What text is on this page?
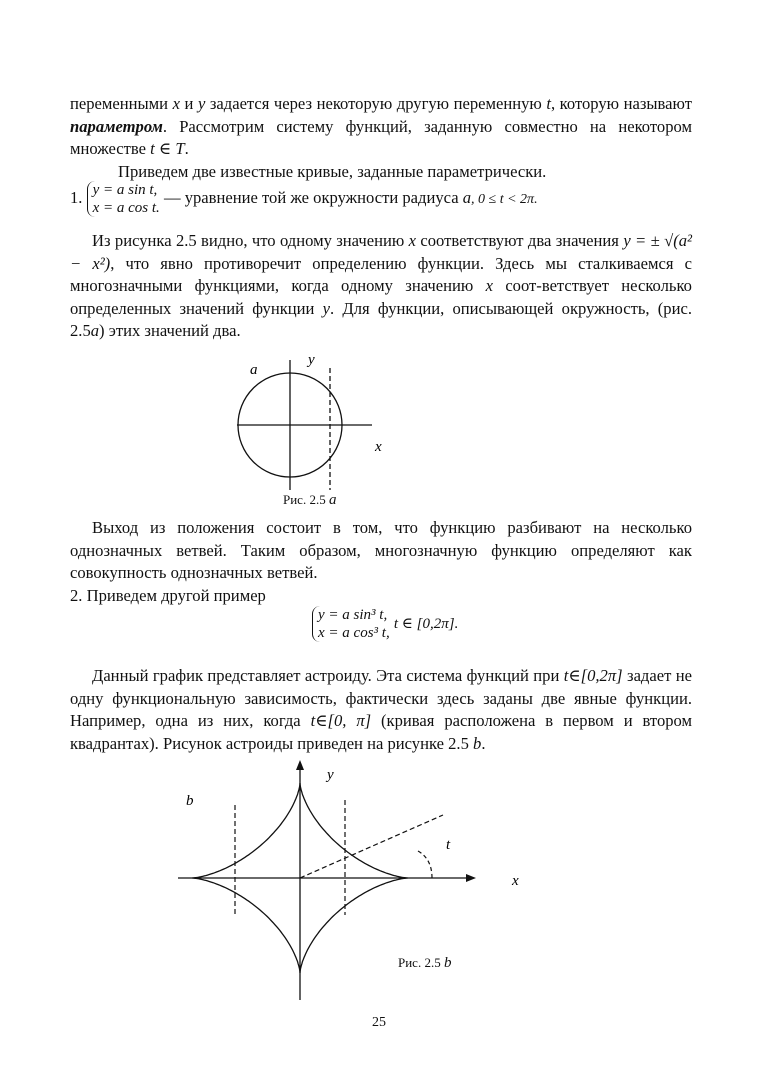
переменными x и y задается через некоторую другую переменную t, которую называют параметром. Рассмотрим систему функций, заданную совместно на некотором множестве t ∈ T.
Приведем две известные кривые, заданные параметрически.
1. y = a sin t,
x = a cos t. — уравнение той же окружности радиуса a, 0 ≤ t < 2π.
Из рисунка 2.5 видно, что одному значению x соответствуют два значения y = ± √(a² − x²), что явно противоречит определению функции. Здесь мы сталкиваемся с многозначными функциями, когда одному значению x соот-ветствует несколько определенных значений функции y. Для функции, описывающей окружность, (рис. 2.5a) этих значений два.
a
y
x
Рис. 2.5 a
Выход из положения состоит в том, что функцию разбивают на несколько однозначных ветвей. Таким образом, многозначную функцию определяют как совокупность однозначных ветвей.
2. Приведем другой пример
y = a sin³ t,
x = a cos³ t, t ∈ [0,2π].
Данный график представляет астроиду. Эта система функций при t∈[0,2π] задает не одну функциональную зависимость, фактически здесь заданы две явные функции. Например, одна из них, когда t∈[0, π] (кривая расположена в первом и втором квадрантах). Рисунок астроиды приведен на рисунке 2.5 b.
b
y
t
x
Рис. 2.5 b
25
